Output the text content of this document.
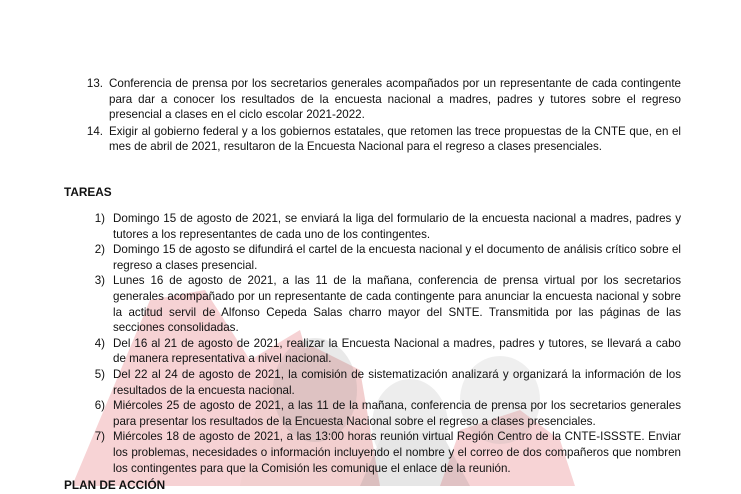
13. Conferencia de prensa por los secretarios generales acompañados por un representante de cada contingente para dar a conocer los resultados de la encuesta nacional a madres, padres y tutores sobre el regreso presencial a clases en el ciclo escolar 2021-2022.
14. Exigir al gobierno federal y a los gobiernos estatales, que retomen las trece propuestas de la CNTE que, en el mes de abril de 2021, resultaron de la Encuesta Nacional para el regreso a clases presenciales.
TAREAS
1) Domingo 15 de agosto de 2021, se enviará la liga del formulario de la encuesta nacional a madres, padres y tutores a los representantes de cada uno de los contingentes.
2) Domingo 15 de agosto se difundirá el cartel de la encuesta nacional y el documento de análisis crítico sobre el regreso a clases presencial.
3) Lunes 16 de agosto de 2021, a las 11 de la mañana, conferencia de prensa virtual por los secretarios generales acompañado por un representante de cada contingente para anunciar la encuesta nacional y sobre la actitud servil de Alfonso Cepeda Salas charro mayor del SNTE. Transmitida por las páginas de las secciones consolidadas.
4) Del 16 al 21 de agosto de 2021, realizar la Encuesta Nacional a madres, padres y tutores, se llevará a cabo de manera representativa a nivel nacional.
5) Del 22 al 24 de agosto de 2021, la comisión de sistematización analizará y organizará la información de los resultados de la encuesta nacional.
6) Miércoles 25 de agosto de 2021, a las 11 de la mañana, conferencia de prensa por los secretarios generales para presentar los resultados de la Encuesta Nacional sobre el regreso a clases presenciales.
7) Miércoles 18 de agosto de 2021, a las 13:00 horas reunión virtual Región Centro de la CNTE-ISSSTE. Enviar los problemas, necesidades o información incluyendo el nombre y el correo de dos compañeros que nombren los contingentes para que la Comisión les comunique el enlace de la reunión.
PLAN DE ACCIÓN
